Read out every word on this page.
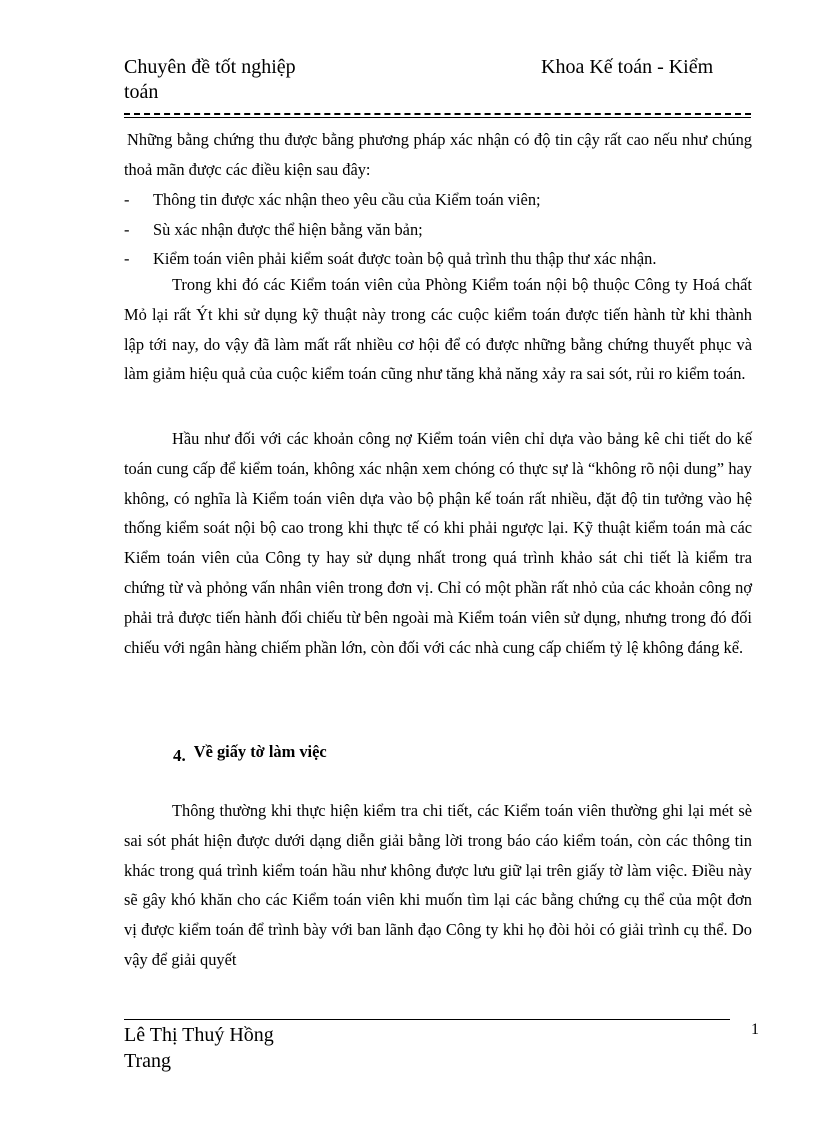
Chuyên đề tốt nghiệp	Khoa Kế toán - Kiểm
toán
Những bằng chứng thu được bằng phương pháp xác nhận có độ tin cậy rất cao nếu như chúng thoả mãn được các điều kiện sau đây:
- Thông tin được xác nhận theo yêu cầu của Kiểm toán viên;
- Sù xác nhận được thể hiện bằng văn bản;
- Kiểm toán viên phải kiểm soát được toàn bộ quả trình thu thập thư xác nhận.
Trong khi đó các Kiểm toán viên của Phòng Kiểm toán nội bộ thuộc Công ty Hoá chất Mỏ lại rất Ýt khi sử dụng kỹ thuật này trong các cuộc kiểm toán được tiến hành từ khi thành lập tới nay, do vậy đã làm mất rất nhiều cơ hội để có được những bằng chứng thuyết phục và làm giảm hiệu quả của cuộc kiểm toán cũng như tăng khả năng xảy ra sai sót, rủi ro kiểm toán.
Hầu như đối với các khoản công nợ Kiểm toán viên chỉ dựa vào bảng kê chi tiết do kế toán cung cấp để kiểm toán, không xác nhận xem chóng có thực sự là “không rõ nội dung” hay không, có nghĩa là Kiểm toán viên dựa vào bộ phận kế toán rất nhiều, đặt độ tin tưởng vào hệ thống kiểm soát nội bộ cao trong khi thực tế có khi phải ngược lại. Kỹ thuật kiểm toán mà các Kiểm toán viên của Công ty hay sử dụng nhất trong quá trình khảo sát chi tiết là kiểm tra chứng từ và phỏng vấn nhân viên trong đơn vị. Chỉ có một phần rất nhỏ của các khoản công nợ phải trả được tiến hành đối chiếu từ bên ngoài mà Kiểm toán viên sử dụng, nhưng trong đó đối chiếu với ngân hàng chiếm phần lớn, còn đối với các nhà cung cấp chiếm tỷ lệ không đáng kể.
4. Về giấy tờ làm việc
Thông thường khi thực hiện kiểm tra chi tiết, các Kiểm toán viên thường ghi lại mét sè sai sót phát hiện được dưới dạng diễn giải bằng lời trong báo cáo kiểm toán, còn các thông tin khác trong quá trình kiểm toán hầu như không được lưu giữ lại trên giấy tờ làm việc. Điều này sẽ gây khó khăn cho các Kiểm toán viên khi muốn tìm lại các bằng chứng cụ thể của một đơn vị được kiểm toán để trình bày với ban lãnh đạo Công ty khi họ đòi hỏi có giải trình cụ thể. Do vậy để giải quyết
Lê Thị Thuý Hồng
Trang
1
